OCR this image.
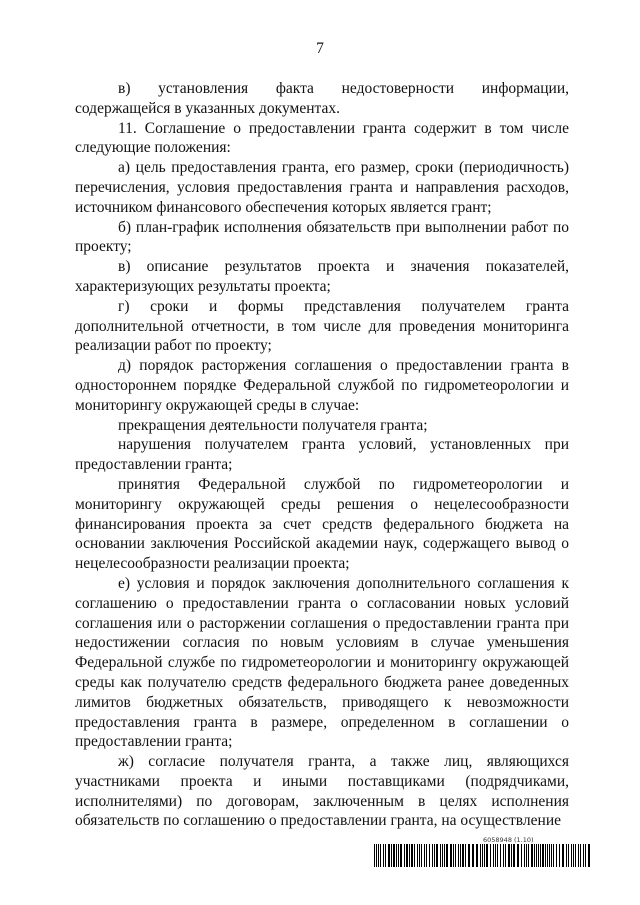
7

в) установления факта недостоверности информации, содержащейся в указанных документах.

11. Соглашение о предоставлении гранта содержит в том числе следующие положения:

а) цель предоставления гранта, его размер, сроки (периодичность) перечисления, условия предоставления гранта и направления расходов, источником финансового обеспечения которых является грант;

б) план-график исполнения обязательств при выполнении работ по проекту;

в) описание результатов проекта и значения показателей, характеризующих результаты проекта;

г) сроки и формы представления получателем гранта дополнительной отчетности, в том числе для проведения мониторинга реализации работ по проекту;

д) порядок расторжения соглашения о предоставлении гранта в одностороннем порядке Федеральной службой по гидрометеорологии и мониторингу окружающей среды в случае:

прекращения деятельности получателя гранта;

нарушения получателем гранта условий, установленных при предоставлении гранта;

принятия Федеральной службой по гидрометеорологии и мониторингу окружающей среды решения о нецелесообразности финансирования проекта за счет средств федерального бюджета на основании заключения Российской академии наук, содержащего вывод о нецелесообразности реализации проекта;

е) условия и порядок заключения дополнительного соглашения к соглашению о предоставлении гранта о согласовании новых условий соглашения или о расторжении соглашения о предоставлении гранта при недостижении согласия по новым условиям в случае уменьшения Федеральной службе по гидрометеорологии и мониторингу окружающей среды как получателю средств федерального бюджета ранее доведенных лимитов бюджетных обязательств, приводящего к невозможности предоставления гранта в размере, определенном в соглашении о предоставлении гранта;

ж) согласие получателя гранта, а также лиц, являющихся участниками проекта и иными поставщиками (подрядчиками, исполнителями) по договорам, заключенным в целях исполнения обязательств по соглашению о предоставлении гранта, на осуществление

6058948 (1.10)
